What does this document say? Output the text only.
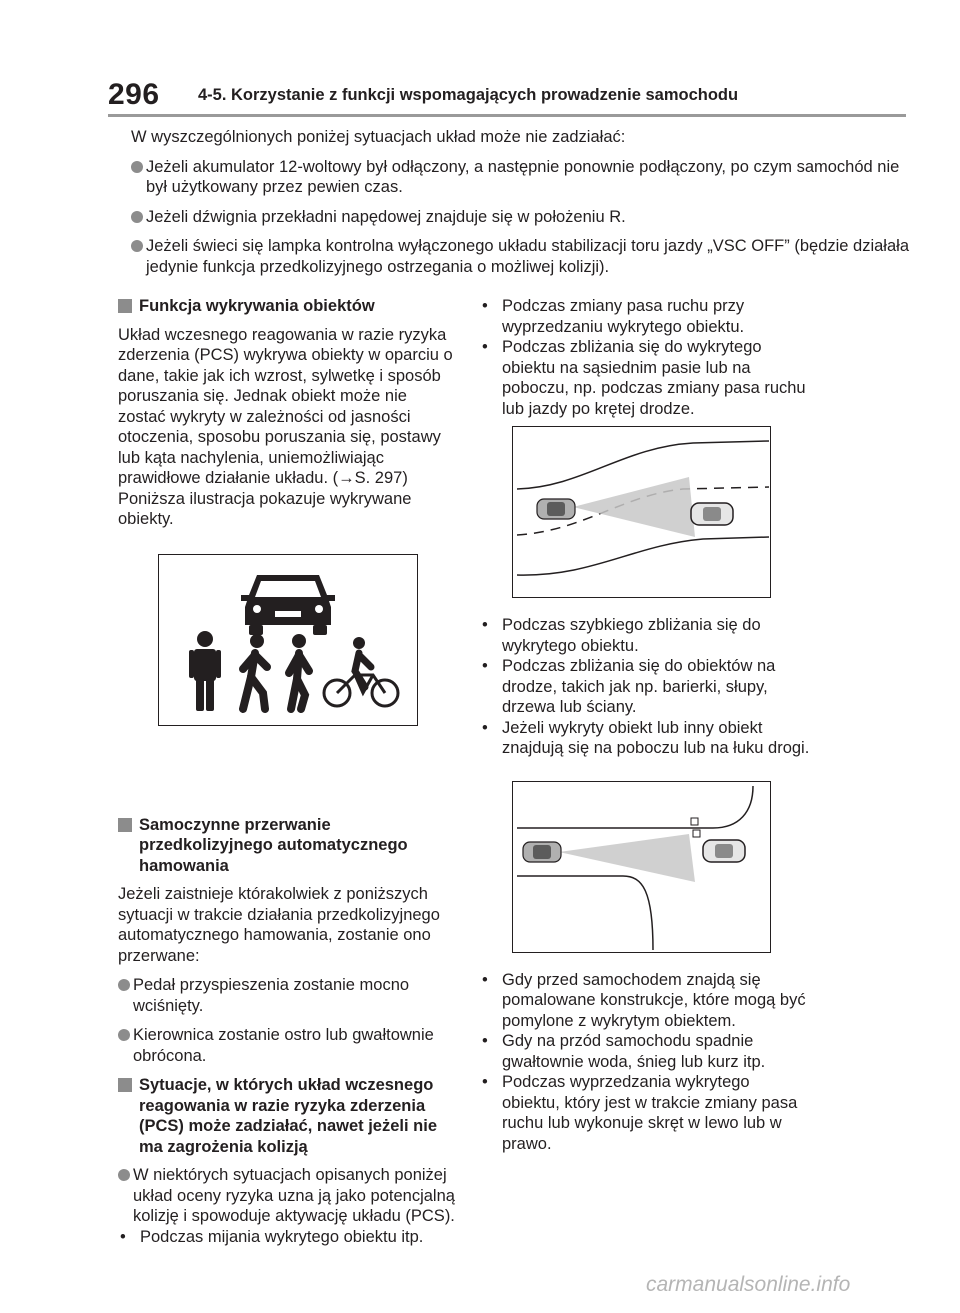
296 4-5. Korzystanie z funkcji wspomagających prowadzenie samochodu

W wyszczególnionych poniżej sytuacjach układ może nie zadziałać:

Jeżeli akumulator 12-woltowy był odłączony, a następnie ponownie podłączony, po czym samochód nie był użytkowany przez pewien czas.
Jeżeli dźwignia przekładni napędowej znajduje się w położeniu R.
Jeżeli świeci się lampka kontrolna wyłączonego układu stabilizacji toru jazdy „VSC OFF” (będzie działała jedynie funkcja przedkolizyjnego ostrzegania o możliwej kolizji).
Funkcja wykrywania obiektów

Układ wczesnego reagowania w razie ryzyka zderzenia (PCS) wykrywa obiekty w oparciu o dane, takie jak ich wzrost, sylwetkę i sposób poruszania się. Jednak obiekt może nie zostać wykryty w zależności od jasności otoczenia, sposobu poruszania się, postawy lub kąta nachylenia, uniemożliwiając prawidłowe działanie układu. (→S. 297)

Poniższa ilustracja pokazuje wykrywane obiekty.

Samoczynne przerwanie przedkolizyjnego automatycznego hamowania

Jeżeli zaistnieje którakolwiek z poniższych sytuacji w trakcie działania przedkolizyjnego automatycznego hamowania, zostanie ono przerwane:

Pedał przyspieszenia zostanie mocno wciśnięty.
Kierownica zostanie ostro lub gwałtownie obrócona.
Sytuacje, w których układ wczesnego reagowania w razie ryzyka zderzenia (PCS) może zadziałać, nawet jeżeli nie ma zagrożenia kolizją
W niektórych sytuacjach opisanych poniżej układ oceny ryzyka uzna ją jako potencjalną kolizję i spowoduje aktywację układu (PCS).
• Podczas mijania wykrytego obiektu itp.
• Podczas zmiany pasa ruchu przy wyprzedzaniu wykrytego obiektu.
• Podczas zbliżania się do wykrytego obiektu na sąsiednim pasie lub na poboczu, np. podczas zmiany pasa ruchu lub jazdy po krętej drodze.
• Podczas szybkiego zbliżania się do wykrytego obiektu.
• Podczas zbliżania się do obiektów na drodze, takich jak np. barierki, słupy, drzewa lub ściany.
• Jeżeli wykryty obiekt lub inny obiekt znajdują się na poboczu lub na łuku drogi.
• Gdy przed samochodem znajdą się pomalowane konstrukcje, które mogą być pomylone z wykrytym obiektem.
• Gdy na przód samochodu spadnie gwałtownie woda, śnieg lub kurz itp.
• Podczas wyprzedzania wykrytego obiektu, który jest w trakcie zmiany pasa ruchu lub wykonuje skręt w lewo lub w prawo.
carmanualsonline.info
